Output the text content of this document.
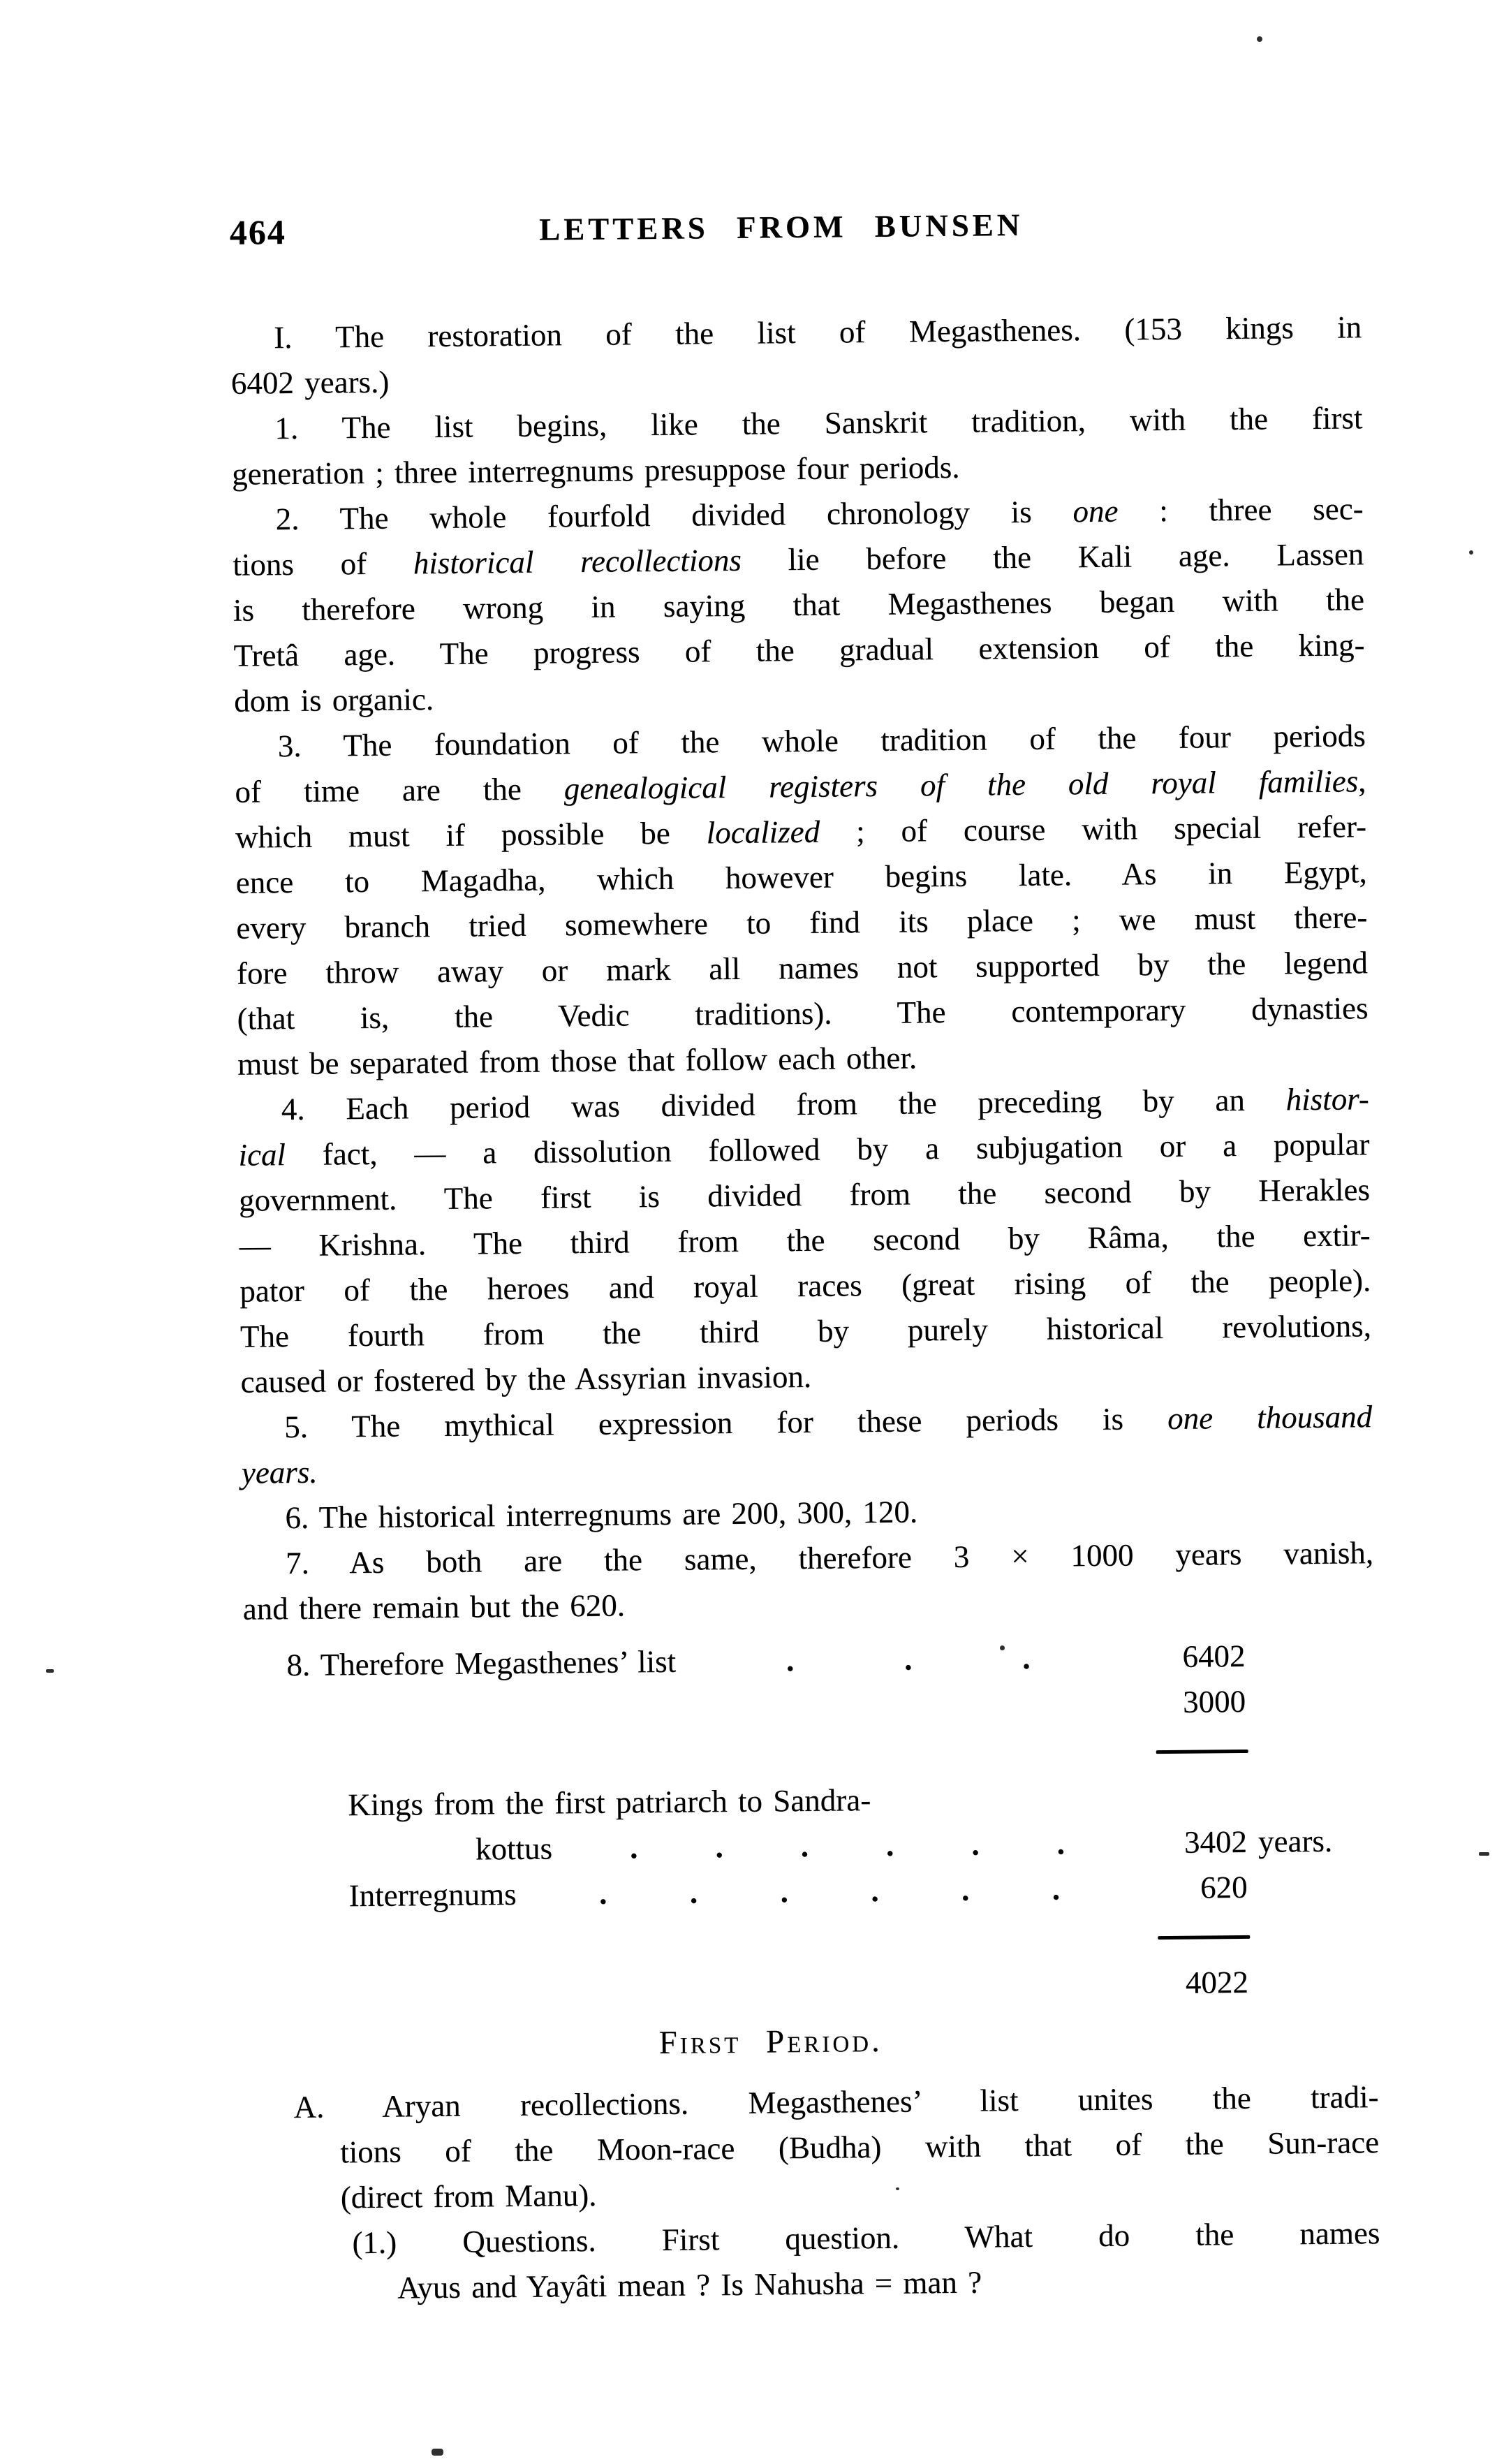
464	LETTERS FROM BUNSEN
I. The restoration of the list of Megasthenes. (153 kings in
6402 years.)
1. The list begins, like the Sanskrit tradition, with the first
generation ; three interregnums presuppose four periods.
2. The whole fourfold divided chronology is one : three sec-
tions of historical recollections lie before the Kali age. Lassen
is therefore wrong in saying that Megasthenes began with the
Tretâ age. The progress of the gradual extension of the king-
dom is organic.
3. The foundation of the whole tradition of the four periods
of time are the genealogical registers of the old royal families,
which must if possible be localized ; of course with special refer-
ence to Magadha, which however begins late. As in Egypt,
every branch tried somewhere to find its place ; we must there-
fore throw away or mark all names not supported by the legend
(that is, the Vedic traditions). The contemporary dynasties
must be separated from those that follow each other.
4. Each period was divided from the preceding by an histor-
ical fact, — a dissolution followed by a subjugation or a popular
government. The first is divided from the second by Herakles
— Krishna. The third from the second by Râma, the extir-
pator of the heroes and royal races (great rising of the people).
The fourth from the third by purely historical revolutions,
caused or fostered by the Assyrian invasion.
5. The mythical expression for these periods is one thousand
years.
6. The historical interregnums are 200, 300, 120.
7. As both are the same, therefore 3 × 1000 years vanish,
and there remain but the 620.
8. Therefore Megasthenes’ list	.	.	.	6402
3000
Kings from the first patriarch to Sandra-
kottus . . . . . .	3402 years.
Interregnums	.	.	.	.	.	.	620
4022
First Period.
A. Aryan recollections. Megasthenes’ list unites the tradi-
tions of the Moon-race (Budha) with that of the Sun-race
(direct from Manu).
(1.) Questions. First question. What do the names
Ayus and Yayâti mean ? Is Nahusha = man ?
